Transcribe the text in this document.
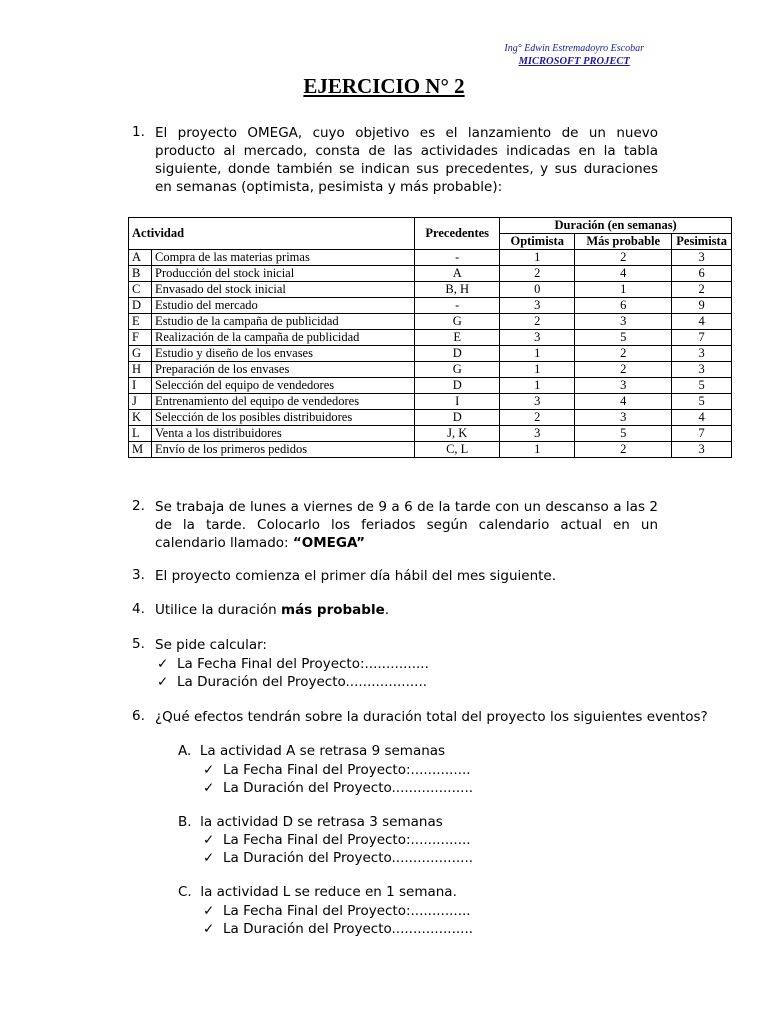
Ing° Edwin Estremadoyro Escobar
MICROSOFT PROJECT
EJERCICIO N° 2
1. El proyecto OMEGA, cuyo objetivo es el lanzamiento de un nuevo producto al mercado, consta de las actividades indicadas en la tabla siguiente, donde también se indican sus precedentes, y sus duraciones en semanas (optimista, pesimista y más probable):
Actividad		Precedentes	Duración (en semanas)		
			Optimista	Más probable	Pesimista
A	Compra de las materias primas	-	1	2	3
B	Producción del stock inicial	A	2	4	6
C	Envasado del stock inicial	B, H	0	1	2
D	Estudio del mercado	-	3	6	9
E	Estudio de la campaña de publicidad	G	2	3	4
F	Realización de la campaña de publicidad	E	3	5	7
G	Estudio y diseño de los envases	D	1	2	3
H	Preparación de los envases	G	1	2	3
I	Selección del equipo de vendedores	D	1	3	5
J	Entrenamiento del equipo de vendedores	I	3	4	5
K	Selección de los posibles distribuidores	D	2	3	4
L	Venta a los distribuidores	J, K	3	5	7
M	Envío de los primeros pedidos	C, L	1	2	3
2. Se trabaja de lunes a viernes de 9 a 6 de la tarde con un descanso a las 2 de la tarde. Colocarlo los feriados según calendario actual en un calendario llamado: “OMEGA”
3. El proyecto comienza el primer día hábil del mes siguiente.
4. Utilice la duración más probable.
5. Se pide calcular:
✓ La Fecha Final del Proyecto:...............
✓ La Duración del Proyecto...................
6. ¿Qué efectos tendrán sobre la duración total del proyecto los siguientes eventos?
A. La actividad A se retrasa 9 semanas
✓ La Fecha Final del Proyecto:..............
✓ La Duración del Proyecto...................
B. la actividad D se retrasa 3 semanas
✓ La Fecha Final del Proyecto:..............
✓ La Duración del Proyecto...................
C. la actividad L se reduce en 1 semana.
✓ La Fecha Final del Proyecto:..............
✓ La Duración del Proyecto...................
